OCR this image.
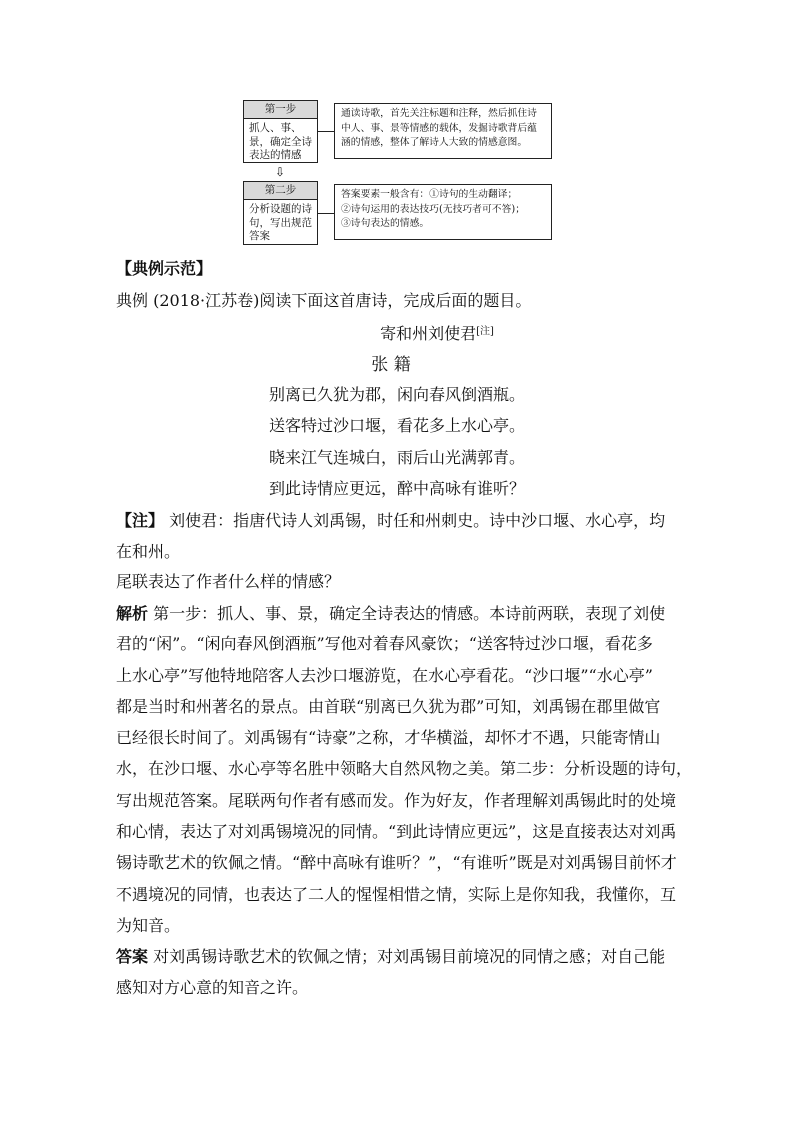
第一步
抓人、事、景，确定全诗表达的情感
通读诗歌，首先关注标题和注释，然后抓住诗中人、事、景等情感的载体，发掘诗歌背后蕴涵的情感，整体了解诗人大致的情感意图。
⇩
第二步
分析设题的诗句，写出规范答案
答案要素一般含有：①诗句的生动翻译；
②诗句运用的表达技巧(无技巧者可不答)；
③诗句表达的情感。
【典例示范】
典例 (2018·江苏卷)阅读下面这首唐诗，完成后面的题目。
寄和州刘使君[注]
张 籍
别离已久犹为郡，闲向春风倒酒瓶。
送客特过沙口堰，看花多上水心亭。
晓来江气连城白，雨后山光满郭青。
到此诗情应更远，醉中高咏有谁听？
【注】 刘使君：指唐代诗人刘禹锡，时任和州刺史。诗中沙口堰、水心亭，均
在和州。
尾联表达了作者什么样的情感？
解析 第一步：抓人、事、景，确定全诗表达的情感。本诗前两联，表现了刘使
君的“闲”。“闲向春风倒酒瓶”写他对着春风豪饮；“送客特过沙口堰，看花多
上水心亭”写他特地陪客人去沙口堰游览，在水心亭看花。“沙口堰”“水心亭”
都是当时和州著名的景点。由首联“别离已久犹为郡”可知，刘禹锡在郡里做官
已经很长时间了。刘禹锡有“诗豪”之称，才华横溢，却怀才不遇，只能寄情山
水，在沙口堰、水心亭等名胜中领略大自然风物之美。第二步：分析设题的诗句，
写出规范答案。尾联两句作者有感而发。作为好友，作者理解刘禹锡此时的处境
和心情，表达了对刘禹锡境况的同情。“到此诗情应更远”，这是直接表达对刘禹
锡诗歌艺术的钦佩之情。“醉中高咏有谁听？”，“有谁听”既是对刘禹锡目前怀才
不遇境况的同情，也表达了二人的惺惺相惜之情，实际上是你知我，我懂你，互
为知音。
答案 对刘禹锡诗歌艺术的钦佩之情；对刘禹锡目前境况的同情之感；对自己能
感知对方心意的知音之许。
